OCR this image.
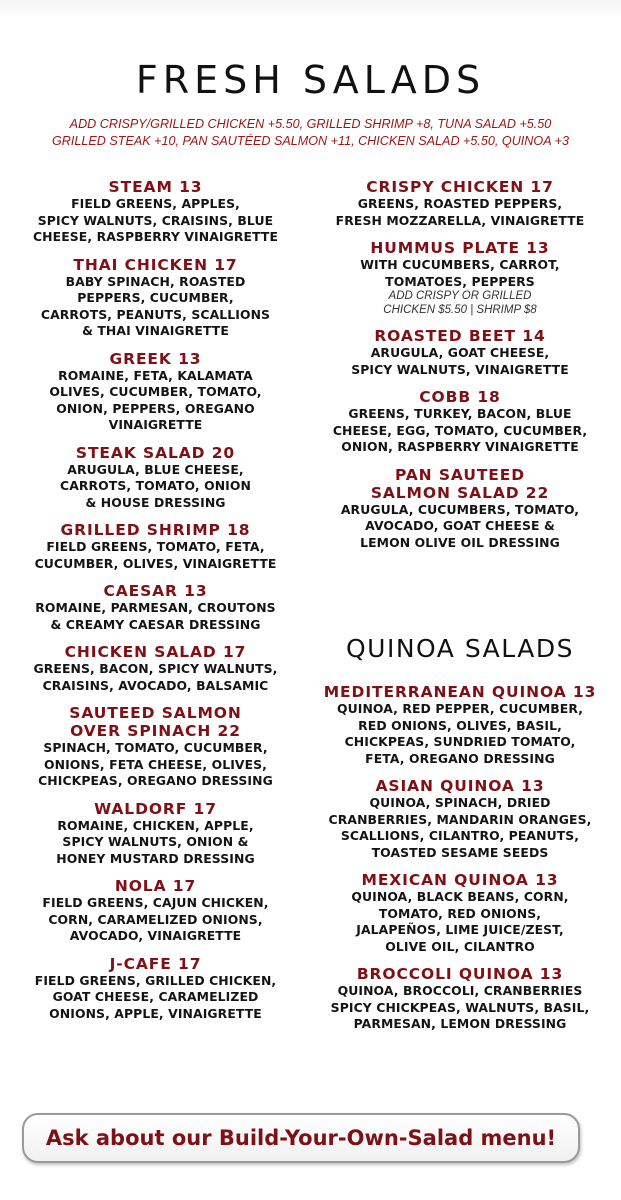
FRESH SALADS
ADD CRISPY/GRILLED CHICKEN +5.50, GRILLED SHRIMP +8, TUNA SALAD +5.50
GRILLED STEAK +10, PAN SAUTÉED SALMON +11, CHICKEN SALAD +5.50, QUINOA +3
STEAM 13
FIELD GREENS, APPLES,
SPICY WALNUTS, CRAISINS, BLUE
CHEESE, RASPBERRY VINAIGRETTE
THAI CHICKEN 17
BABY SPINACH, ROASTED
PEPPERS, CUCUMBER,
CARROTS, PEANUTS, SCALLIONS
& THAI VINAIGRETTE
GREEK 13
ROMAINE, FETA, KALAMATA
OLIVES, CUCUMBER, TOMATO,
ONION, PEPPERS, OREGANO
VINAIGRETTE
STEAK SALAD 20
ARUGULA, BLUE CHEESE,
CARROTS, TOMATO, ONION
& HOUSE DRESSING
GRILLED SHRIMP 18
FIELD GREENS, TOMATO, FETA,
CUCUMBER, OLIVES, VINAIGRETTE
CAESAR 13
ROMAINE, PARMESAN, CROUTONS
& CREAMY CAESAR DRESSING
CHICKEN SALAD 17
GREENS, BACON, SPICY WALNUTS,
CRAISINS, AVOCADO, BALSAMIC
SAUTEED SALMON
OVER SPINACH 22
SPINACH, TOMATO, CUCUMBER,
ONIONS, FETA CHEESE, OLIVES,
CHICKPEAS, OREGANO DRESSING
WALDORF 17
ROMAINE, CHICKEN, APPLE,
SPICY WALNUTS, ONION &
HONEY MUSTARD DRESSING
NOLA 17
FIELD GREENS, CAJUN CHICKEN,
CORN, CARAMELIZED ONIONS,
AVOCADO, VINAIGRETTE
J-CAFE 17
FIELD GREENS, GRILLED CHICKEN,
GOAT CHEESE, CARAMELIZED
ONIONS, APPLE, VINAIGRETTE
CRISPY CHICKEN 17
GREENS, ROASTED PEPPERS,
FRESH MOZZARELLA, VINAIGRETTE
HUMMUS PLATE 13
WITH CUCUMBERS, CARROT,
TOMATOES, PEPPERS
ADD CRISPY OR GRILLED
CHICKEN $5.50 | SHRIMP $8
ROASTED BEET 14
ARUGULA, GOAT CHEESE,
SPICY WALNUTS, VINAIGRETTE
COBB 18
GREENS, TURKEY, BACON, BLUE
CHEESE, EGG, TOMATO, CUCUMBER,
ONION, RASPBERRY VINAIGRETTE
PAN SAUTEED
SALMON SALAD 22
ARUGULA, CUCUMBERS, TOMATO,
AVOCADO, GOAT CHEESE &
LEMON OLIVE OIL DRESSING
QUINOA SALADS
MEDITERRANEAN QUINOA 13
QUINOA, RED PEPPER, CUCUMBER,
RED ONIONS, OLIVES, BASIL,
CHICKPEAS, SUNDRIED TOMATO,
FETA, OREGANO DRESSING
ASIAN QUINOA 13
QUINOA, SPINACH, DRIED
CRANBERRIES, MANDARIN ORANGES,
SCALLIONS, CILANTRO, PEANUTS,
TOASTED SESAME SEEDS
MEXICAN QUINOA 13
QUINOA, BLACK BEANS, CORN,
TOMATO, RED ONIONS,
JALAPEÑOS, LIME JUICE/ZEST,
OLIVE OIL, CILANTRO
BROCCOLI QUINOA 13
QUINOA, BROCCOLI, CRANBERRIES
SPICY CHICKPEAS, WALNUTS, BASIL,
PARMESAN, LEMON DRESSING
Ask about our Build-Your-Own-Salad menu!
